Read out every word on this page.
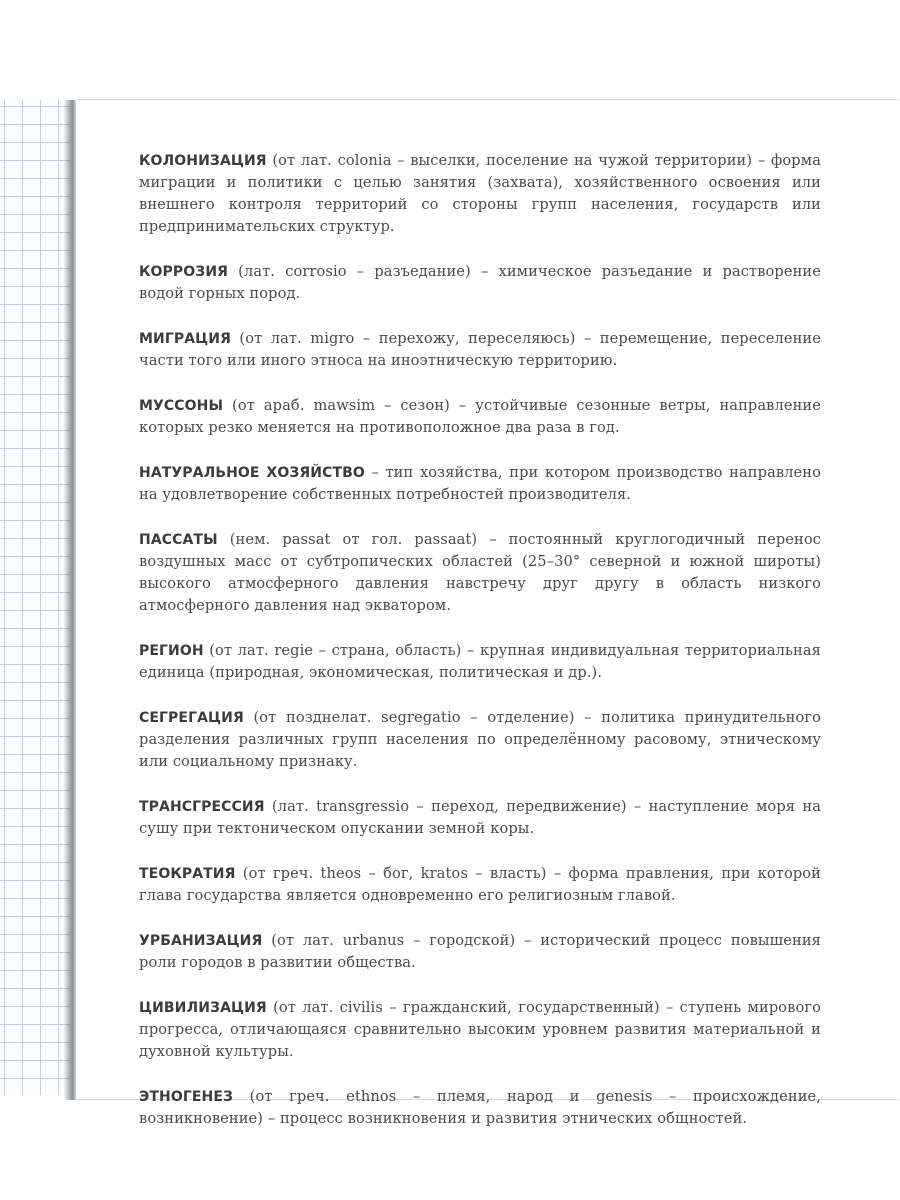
КОЛОНИЗАЦИЯ (от лат. colonia – выселки, поселение на чужой территории) – форма миграции и политики с целью занятия (захвата), хозяйственного освоения или внешнего контроля территорий со стороны групп населения, государств или предпринимательских структур.

КОРРОЗИЯ (лат. corrosio – разъедание) – химическое разъедание и растворение водой горных пород.

МИГРАЦИЯ (от лат. migro – перехожу, переселяюсь) – перемещение, переселение части того или иного этноса на иноэтническую территорию.

МУССОНЫ (от араб. mawsim – сезон) – устойчивые сезонные ветры, направление которых резко меняется на противоположное два раза в год.

НАТУРАЛЬНОЕ ХОЗЯЙСТВО – тип хозяйства, при котором производство направлено на удовлетворение собственных потребностей производителя.

ПАССАТЫ (нем. passat от гол. passaat) – постоянный круглогодичный перенос воздушных масс от субтропических областей (25–30° северной и южной широты) высокого атмосферного давления навстречу друг другу в область низкого атмосферного давления над экватором.

РЕГИОН (от лат. regie – страна, область) – крупная индивидуальная территориальная единица (природная, экономическая, политическая и др.).

СЕГРЕГАЦИЯ (от позднелат. segregatio – отделение) – политика принудительного разделения различных групп населения по определённому расовому, этническому или социальному признаку.

ТРАНСГРЕССИЯ (лат. transgressio – переход, передвижение) – наступление моря на сушу при тектоническом опускании земной коры.

ТЕОКРАТИЯ (от греч. theos – бог, kratos – власть) – форма правления, при которой глава государства является одновременно его религиозным главой.

УРБАНИЗАЦИЯ (от лат. urbanus – городской) – исторический процесс повышения роли городов в развитии общества.

ЦИВИЛИЗАЦИЯ (от лат. civilis – гражданский, государственный) – ступень мирового прогресса, отличающаяся сравнительно высоким уровнем развития материальной и духовной культуры.

ЭТНОГЕНЕЗ (от греч. ethnos – племя, народ и genesis – происхождение, возникновение) – процесс возникновения и развития этнических общностей.
